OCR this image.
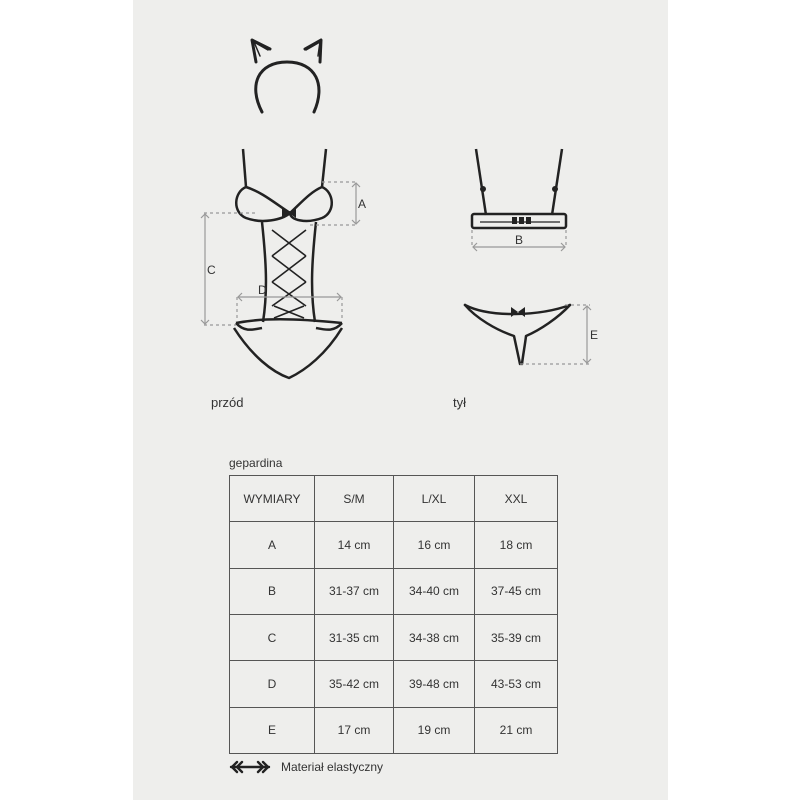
A
C
D
B
E
przód	tył
gepardina
WYMIARY	S/M	L/XL	XXL
A	14 cm	16 cm	18 cm
B	31-37 cm	34-40 cm	37-45 cm
C	31-35 cm	34-38 cm	35-39 cm
D	35-42 cm	39-48 cm	43-53 cm
E	17 cm	19 cm	21 cm
Materiał elastyczny
